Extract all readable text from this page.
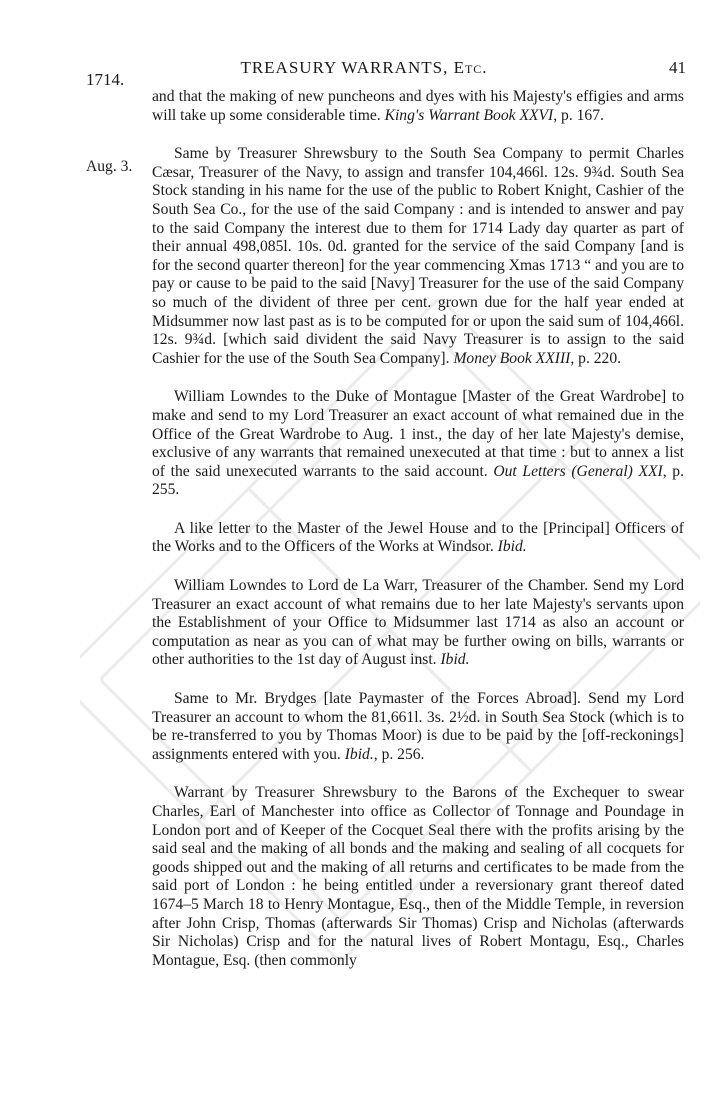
1714.
TREASURY WARRANTS, Etc.	41
Aug. 3.

and that the making of new puncheons and dyes with his Majesty's effigies and arms will take up some considerable time. King's Warrant Book XXVI, p. 167.

Same by Treasurer Shrewsbury to the South Sea Company to permit Charles Cæsar, Treasurer of the Navy, to assign and transfer 104,466l. 12s. 9¾d. South Sea Stock standing in his name for the use of the public to Robert Knight, Cashier of the South Sea Co., for the use of the said Company : and is intended to answer and pay to the said Company the interest due to them for 1714 Lady day quarter as part of their annual 498,085l. 10s. 0d. granted for the service of the said Company [and is for the second quarter thereon] for the year commencing Xmas 1713 “ and you are to pay or cause to be paid to the said [Navy] Treasurer for the use of the said Company so much of the divident of three per cent. grown due for the half year ended at Midsummer now last past as is to be computed for or upon the said sum of 104,466l. 12s. 9¾d. [which said divident the said Navy Treasurer is to assign to the said Cashier for the use of the South Sea Company]. Money Book XXIII, p. 220.

William Lowndes to the Duke of Montague [Master of the Great Wardrobe] to make and send to my Lord Treasurer an exact account of what remained due in the Office of the Great Wardrobe to Aug. 1 inst., the day of her late Majesty's demise, exclusive of any warrants that remained unexecuted at that time : but to annex a list of the said unexecuted warrants to the said account. Out Letters (General) XXI, p. 255.

A like letter to the Master of the Jewel House and to the [Principal] Officers of the Works and to the Officers of the Works at Windsor. Ibid.

William Lowndes to Lord de La Warr, Treasurer of the Chamber. Send my Lord Treasurer an exact account of what remains due to her late Majesty's servants upon the Establishment of your Office to Midsummer last 1714 as also an account or computation as near as you can of what may be further owing on bills, warrants or other authorities to the 1st day of August inst. Ibid.

Same to Mr. Brydges [late Paymaster of the Forces Abroad]. Send my Lord Treasurer an account to whom the 81,661l. 3s. 2½d. in South Sea Stock (which is to be re-transferred to you by Thomas Moor) is due to be paid by the [off-reckonings] assignments entered with you. Ibid., p. 256.

Warrant by Treasurer Shrewsbury to the Barons of the Exchequer to swear Charles, Earl of Manchester into office as Collector of Tonnage and Poundage in London port and of Keeper of the Cocquet Seal there with the profits arising by the said seal and the making of all bonds and the making and sealing of all cocquets for goods shipped out and the making of all returns and certificates to be made from the said port of London : he being entitled under a reversionary grant thereof dated 1674–5 March 18 to Henry Montague, Esq., then of the Middle Temple, in reversion after John Crisp, Thomas (afterwards Sir Thomas) Crisp and Nicholas (afterwards Sir Nicholas) Crisp and for the natural lives of Robert Montagu, Esq., Charles Montague, Esq. (then commonly
